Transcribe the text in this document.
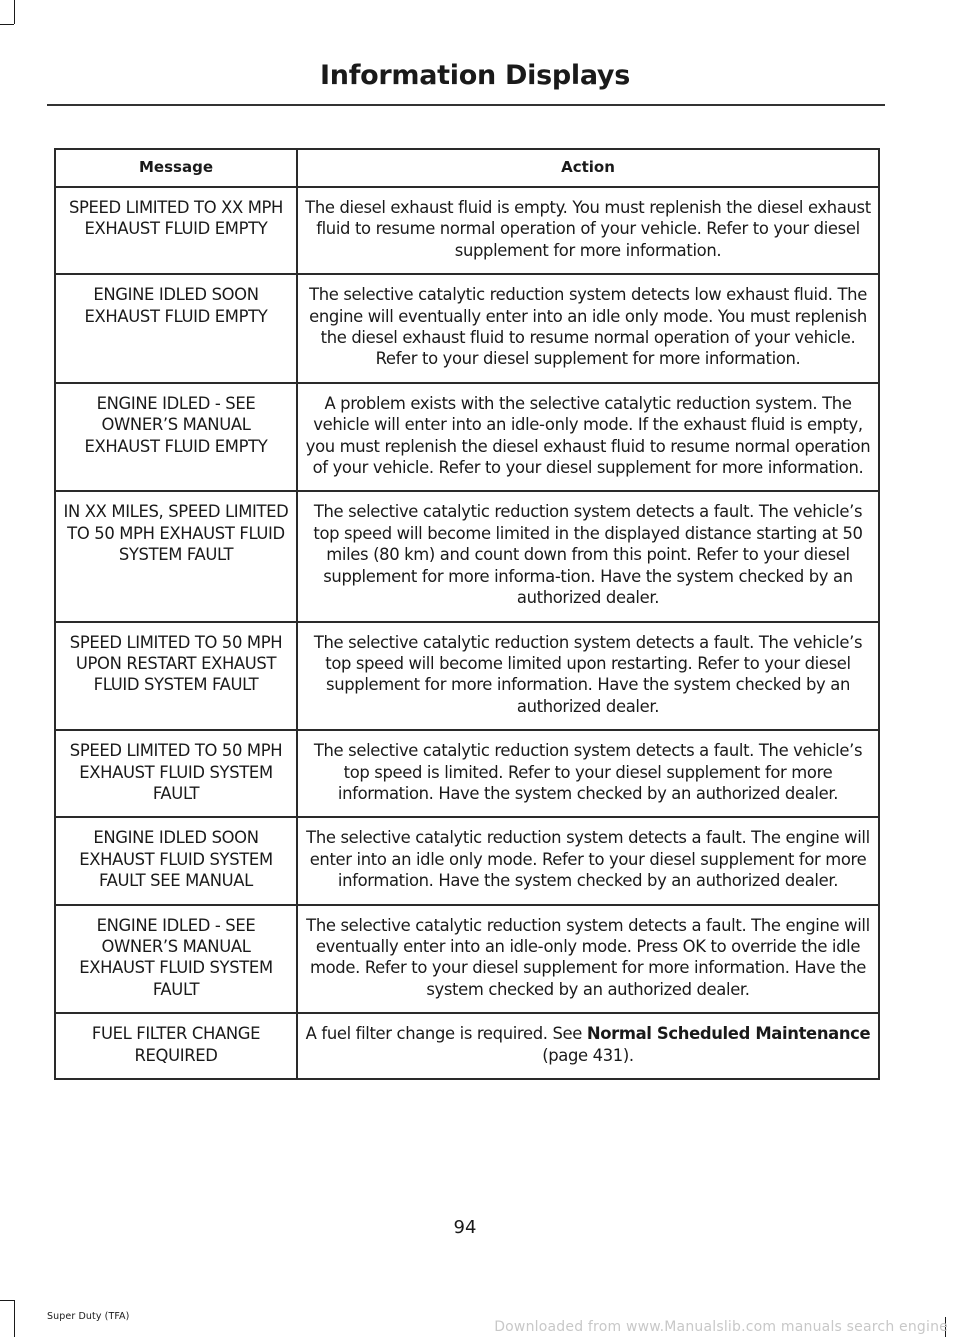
Information Displays
Message	Action
SPEED LIMITED TO XX MPH EXHAUST FLUID EMPTY	The diesel exhaust fluid is empty. You must replenish the diesel exhaust fluid to resume normal operation of your vehicle. Refer to your diesel supplement for more information.
ENGINE IDLED SOON EXHAUST FLUID EMPTY	The selective catalytic reduction system detects low exhaust fluid. The engine will eventually enter into an idle only mode. You must replenish the diesel exhaust fluid to resume normal operation of your vehicle. Refer to your diesel supplement for more information.
ENGINE IDLED - SEE OWNER’S MANUAL EXHAUST FLUID EMPTY	A problem exists with the selective catalytic reduction system. The vehicle will enter into an idle-only mode. If the exhaust fluid is empty, you must replenish the diesel exhaust fluid to resume normal operation of your vehicle. Refer to your diesel supplement for more information.
IN XX MILES, SPEED LIMITED TO 50 MPH EXHAUST FLUID SYSTEM FAULT	The selective catalytic reduction system detects a fault. The vehicle’s top speed will become limited in the displayed distance starting at 50 miles (80 km) and count down from this point. Refer to your diesel supplement for more informa-tion. Have the system checked by an authorized dealer.
SPEED LIMITED TO 50 MPH UPON RESTART EXHAUST FLUID SYSTEM FAULT	The selective catalytic reduction system detects a fault. The vehicle’s top speed will become limited upon restarting. Refer to your diesel supplement for more information. Have the system checked by an authorized dealer.
SPEED LIMITED TO 50 MPH EXHAUST FLUID SYSTEM FAULT	The selective catalytic reduction system detects a fault. The vehicle’s top speed is limited. Refer to your diesel supplement for more information. Have the system checked by an authorized dealer.
ENGINE IDLED SOON EXHAUST FLUID SYSTEM FAULT SEE MANUAL	The selective catalytic reduction system detects a fault. The engine will enter into an idle only mode. Refer to your diesel supplement for more information. Have the system checked by an authorized dealer.
ENGINE IDLED - SEE OWNER’S MANUAL EXHAUST FLUID SYSTEM FAULT	The selective catalytic reduction system detects a fault. The engine will eventually enter into an idle-only mode. Press OK to override the idle mode. Refer to your diesel supplement for more information. Have the system checked by an authorized dealer.
FUEL FILTER CHANGE REQUIRED	A fuel filter change is required. See Normal Scheduled Maintenance (page 431).
94
Super Duty (TFA)
Downloaded from www.Manualslib.com manuals search engine
